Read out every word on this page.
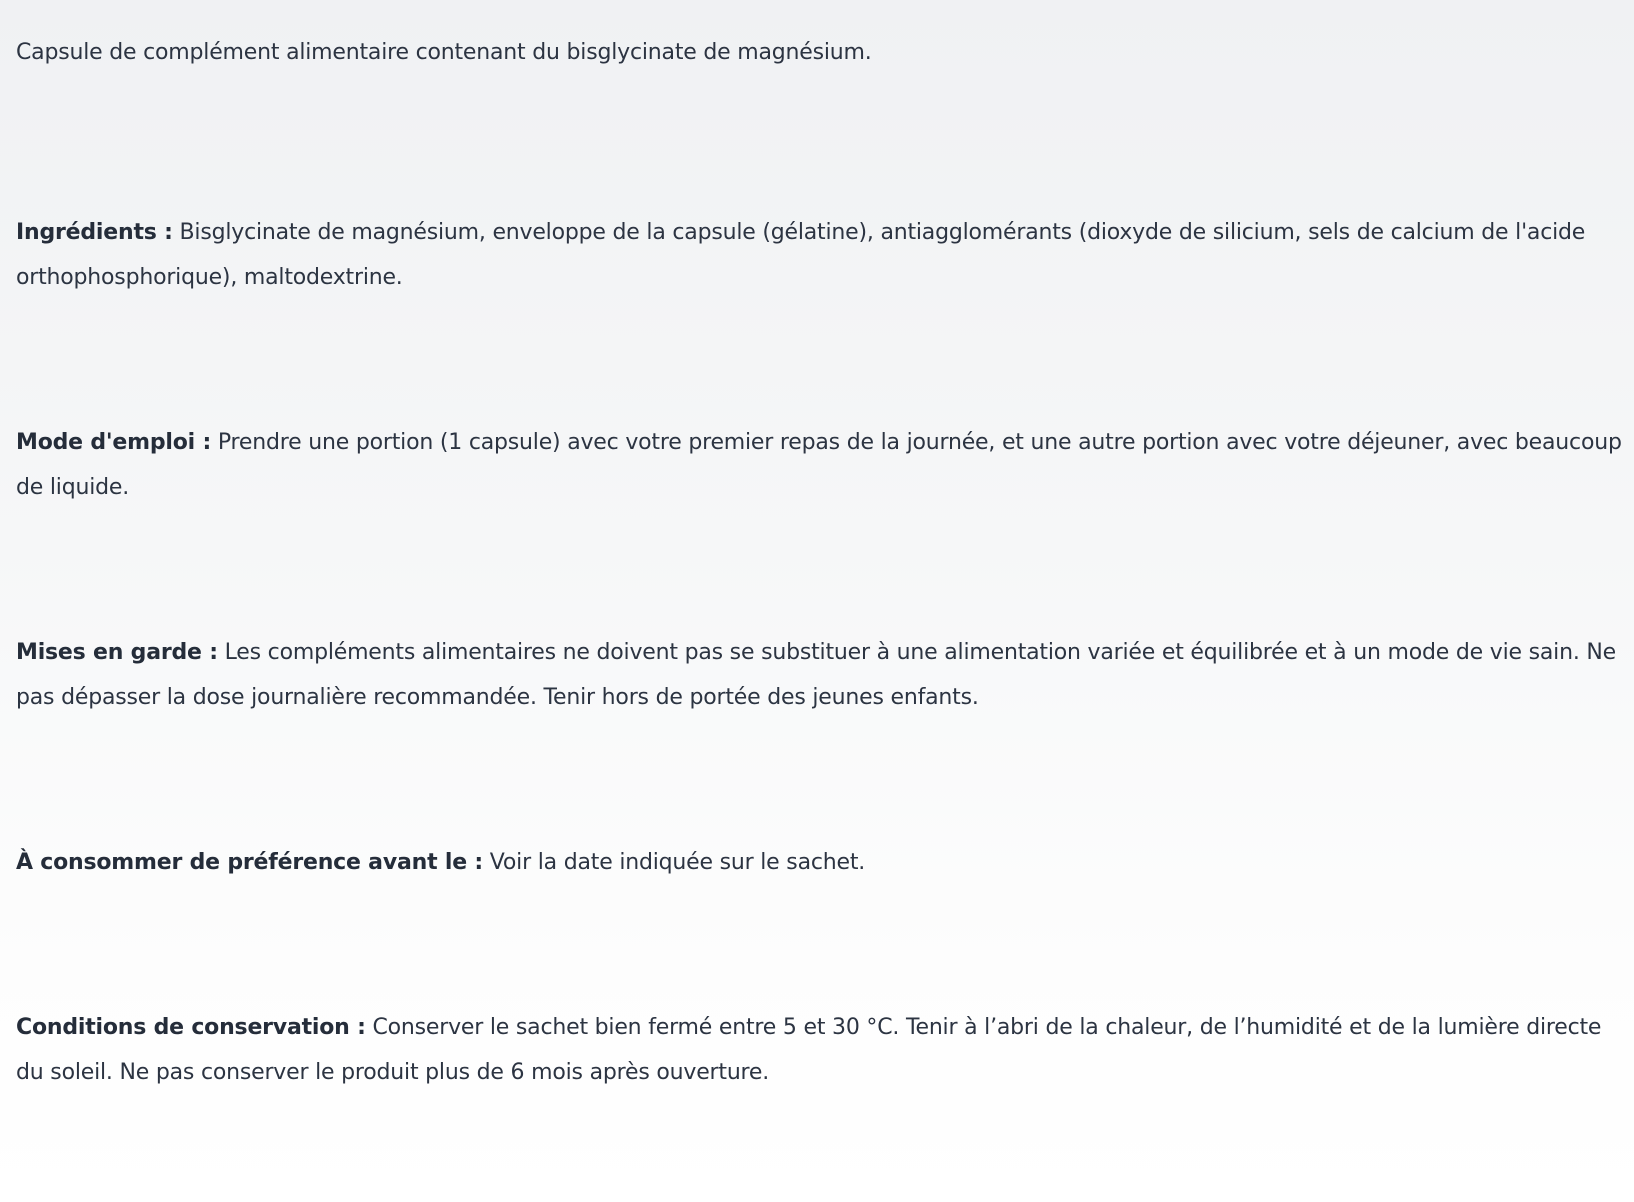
Capsule de complément alimentaire contenant du bisglycinate de magnésium.

Ingrédients : Bisglycinate de magnésium, enveloppe de la capsule (gélatine), antiagglomérants (dioxyde de silicium, sels de calcium de l'acide orthophosphorique), maltodextrine.

Mode d'emploi : Prendre une portion (1 capsule) avec votre premier repas de la journée, et une autre portion avec votre déjeuner, avec beaucoup de liquide.

Mises en garde : Les compléments alimentaires ne doivent pas se substituer à une alimentation variée et équilibrée et à un mode de vie sain. Ne pas dépasser la dose journalière recommandée. Tenir hors de portée des jeunes enfants.

À consommer de préférence avant le : Voir la date indiquée sur le sachet.

Conditions de conservation : Conserver le sachet bien fermé entre 5 et 30 °C. Tenir à l’abri de la chaleur, de l’humidité et de la lumière directe du soleil. Ne pas conserver le produit plus de 6 mois après ouverture.
